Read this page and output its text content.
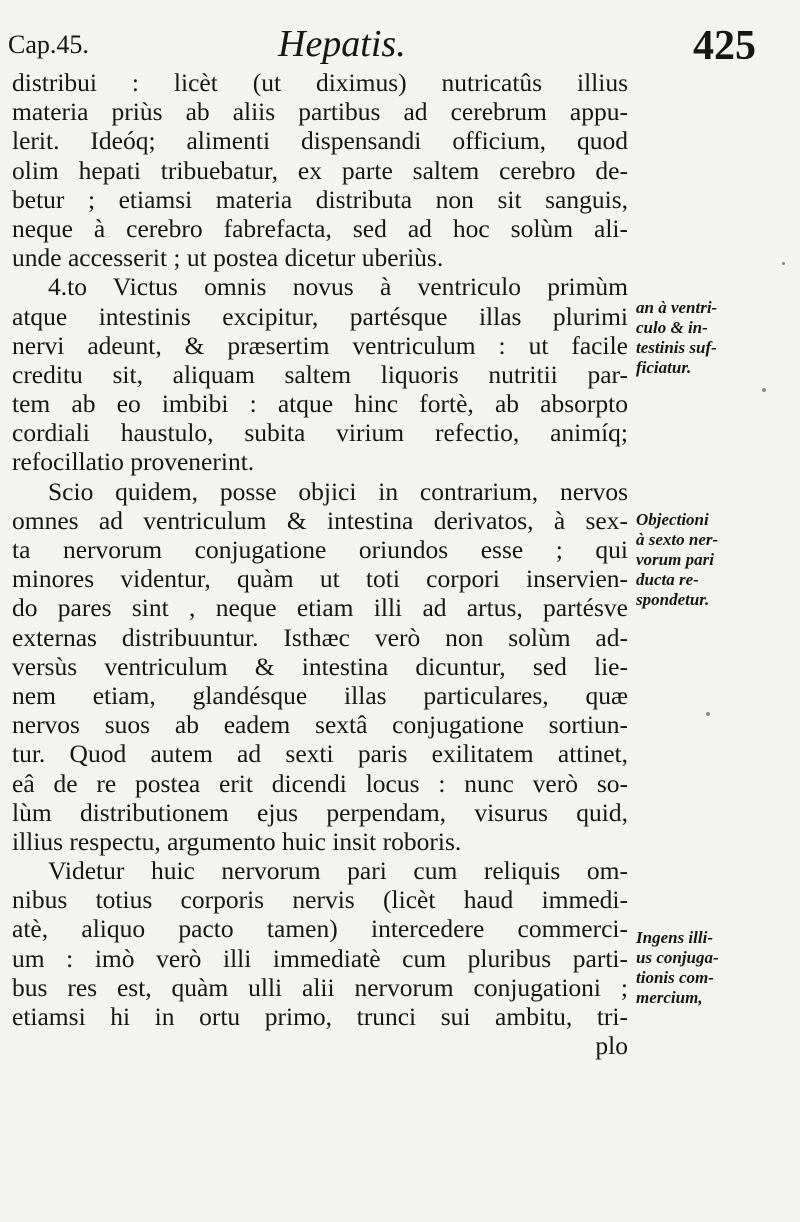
Cap.45.	Hepatis.	425
distribui : licèt (ut diximus) nutricatûs illius
materia priùs ab aliis partibus ad cerebrum appu-
lerit. Ideóq; alimenti dispensandi officium, quod
olim hepati tribuebatur, ex parte saltem cerebro de-
betur ; etiamsi materia distributa non sit sanguis,
neque à cerebro fabrefacta, sed ad hoc solùm ali-
unde accesserit ; ut postea dicetur uberiùs.
4.to Victus omnis novus à ventriculo primùm
atque intestinis excipitur, partésque illas plurimi
nervi adeunt, & præsertim ventriculum : ut facile
creditu sit, aliquam saltem liquoris nutritii par-
tem ab eo imbibi : atque hinc fortè, ab absorpto
cordiali haustulo, subita virium refectio, animíq;
refocillatio provenerint.
Scio quidem, posse objici in contrarium, nervos
omnes ad ventriculum & intestina derivatos, à sex-
ta nervorum conjugatione oriundos esse ; qui
minores videntur, quàm ut toti corpori inservien-
do pares sint , neque etiam illi ad artus, partésve
externas distribuuntur. Isthæc verò non solùm ad-
versùs ventriculum & intestina dicuntur, sed lie-
nem etiam, glandésque illas particulares, quæ
nervos suos ab eadem sextâ conjugatione sortiun-
tur. Quod autem ad sexti paris exilitatem attinet,
eâ de re postea erit dicendi locus : nunc verò so-
lùm distributionem ejus perpendam, visurus quid,
illius respectu, argumento huic insit roboris.
Videtur huic nervorum pari cum reliquis om-
nibus totius corporis nervis (licèt haud immedi-
atè, aliquo pacto tamen) intercedere commerci-
um : imò verò illi immediatè cum pluribus parti-
bus res est, quàm ulli alii nervorum conjugationi ;
etiamsi hi in ortu primo, trunci sui ambitu, tri-
plo
an à ventri-
culo & in-
testinis suf-
ficiatur.
Objectioni
à sexto ner-
vorum pari
ducta re-
spondetur.
Ingens illi-
us conjuga-
tionis com-
mercium,
